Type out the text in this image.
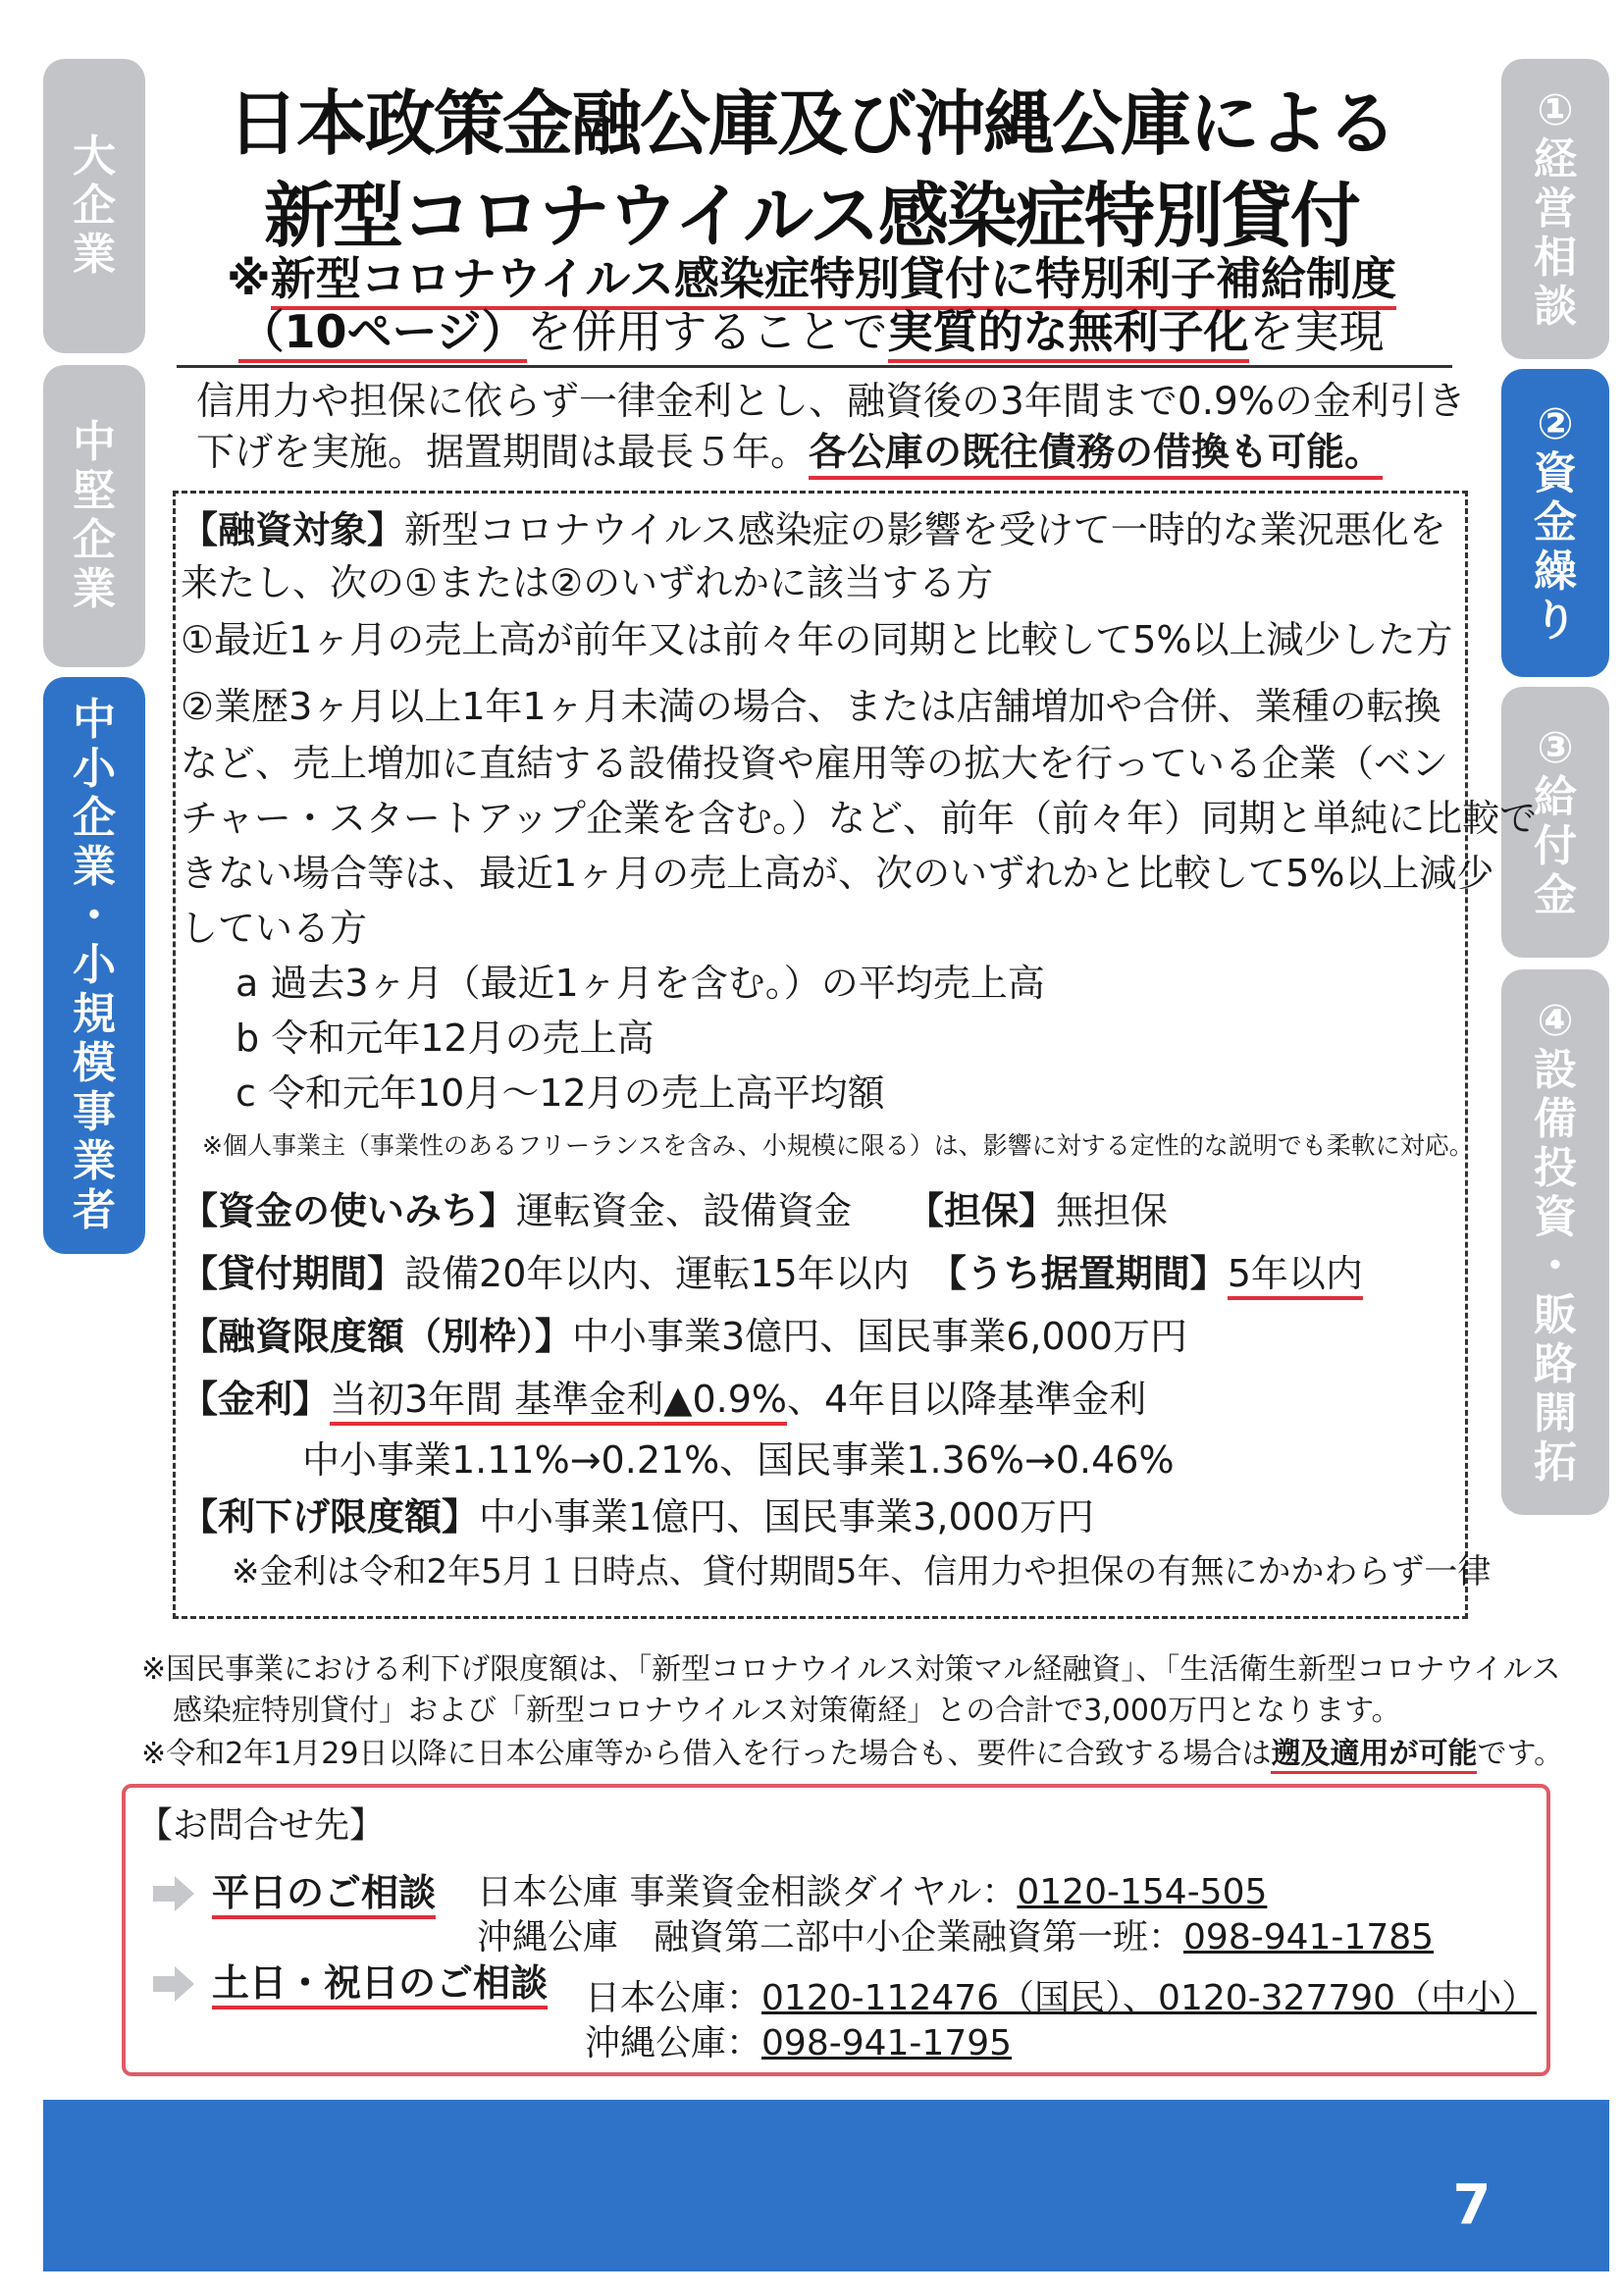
大
企
業
中
堅
企
業
中
小
企
業
・
小
規
模
事
業
者
①
経
営
相
談
②
資
金
繰
り
③
給
付
金
④
設
備
投
資
・
販
路
開
拓
日本政策金融公庫及び沖縄公庫による
新型コロナウイルス感染症特別貸付
※新型コロナウイルス感染症特別貸付に特別利子補給制度
（10ページ）を併用することで実質的な無利子化を実現
信用力や担保に依らず一律金利とし、融資後の3年間まで0.9%の金利引き
下げを実施。据置期間は最長５年。各公庫の既往債務の借換も可能。
【融資対象】新型コロナウイルス感染症の影響を受けて一時的な業況悪化を
来たし、次の①または②のいずれかに該当する方
①最近1ヶ月の売上高が前年又は前々年の同期と比較して5%以上減少した方
②業歴3ヶ月以上1年1ヶ月未満の場合、または店舗増加や合併、業種の転換
など、売上増加に直結する設備投資や雇用等の拡大を行っている企業（ベン
チャー・スタートアップ企業を含む。）など、前年（前々年）同期と単純に比較で
きない場合等は、最近1ヶ月の売上高が、次のいずれかと比較して5%以上減少
している方
a 過去3ヶ月（最近1ヶ月を含む。）の平均売上高
b 令和元年12月の売上高
c 令和元年10月～12月の売上高平均額
※個人事業主（事業性のあるフリーランスを含み、小規模に限る）は、影響に対する定性的な説明でも柔軟に対応。
【資金の使いみち】運転資金、設備資金 【担保】無担保
【貸付期間】設備20年以内、運転15年以内 【うち据置期間】5年以内
【融資限度額（別枠）】中小事業3億円、国民事業6,000万円
【金利】当初3年間 基準金利▲0.9%、4年目以降基準金利
中小事業1.11%→0.21%、国民事業1.36%→0.46%
【利下げ限度額】中小事業1億円、国民事業3,000万円
※金利は令和2年5月１日時点、貸付期間5年、信用力や担保の有無にかかわらず一律
※国民事業における利下げ限度額は、「新型コロナウイルス対策マル経融資」、「生活衛生新型コロナウイルス
感染症特別貸付」および「新型コロナウイルス対策衛経」との合計で3,000万円となります。
※令和2年1月29日以降に日本公庫等から借入を行った場合も、要件に合致する場合は遡及適用が可能です。
【お問合せ先】
平日のご相談 日本公庫 事業資金相談ダイヤル：0120-154-505
沖縄公庫　融資第二部中小企業融資第一班：098-941-1785
土日・祝日のご相談 日本公庫：0120-112476（国民）、0120-327790（中小）
沖縄公庫：098-941-1795
7
